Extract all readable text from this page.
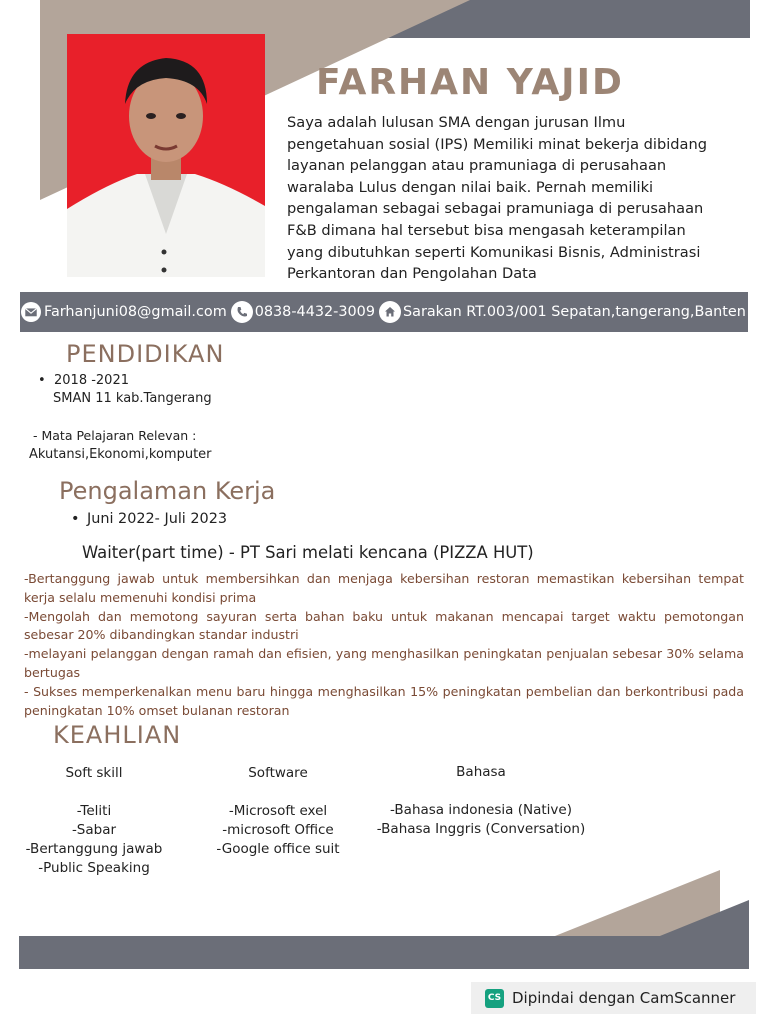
FARHAN YAJID
Saya adalah lulusan SMA dengan jurusan Ilmu pengetahuan sosial (IPS) Memiliki minat bekerja dibidang layanan pelanggan atau pramuniaga di perusahaan waralaba Lulus dengan nilai baik. Pernah memiliki pengalaman sebagai sebagai pramuniaga di perusahaan F&B dimana hal tersebut bisa mengasah keterampilan yang dibutuhkan seperti Komunikasi Bisnis, Administrasi Perkantoran dan Pengolahan Data
Farhanjuni08@gmail.com 0838-4432-3009 Sarakan RT.003/001 Sepatan,tangerang,Banten
PENDIDIKAN
• 2018 -2021
SMAN 11 kab.Tangerang
- Mata Pelajaran Relevan :
Akutansi,Ekonomi,komputer
Pengalaman Kerja
• Juni 2022- Juli 2023
Waiter(part time) - PT Sari melati kencana (PIZZA HUT)

-Bertanggung jawab untuk membersihkan dan menjaga kebersihan restoran memastikan kebersihan tempat kerja selalu memenuhi kondisi prima

-Mengolah dan memotong sayuran serta bahan baku untuk makanan mencapai target waktu pemotongan sebesar 20% dibandingkan standar industri

-melayani pelanggan dengan ramah dan efisien, yang menghasilkan peningkatan penjualan sebesar 30% selama bertugas

- Sukses memperkenalkan menu baru hingga menghasilkan 15% peningkatan pembelian dan berkontribusi pada peningkatan 10% omset bulanan restoran

KEAHLIAN
Soft skill
-Teliti
-Sabar
-Bertanggung jawab
-Public Speaking
Software
-Microsoft exel
-microsoft Office
-Google office suit
Bahasa
-Bahasa indonesia (Native)
-Bahasa Inggris (Conversation)
CS Dipindai dengan CamScanner
